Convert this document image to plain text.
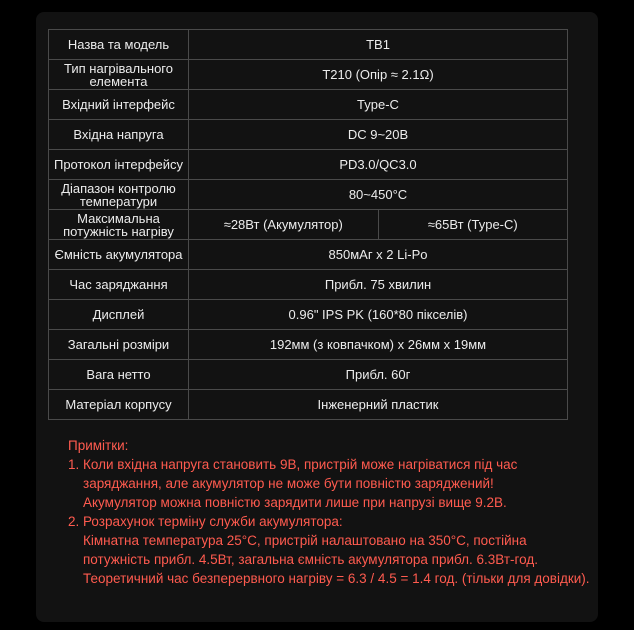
Назва та модель	TB1	
Тип нагрівального елемента	T210 (Опір ≈ 2.1Ω)	
Вхідний інтерфейс	Type-C	
Вхідна напруга	DC 9~20В	
Протокол інтерфейсу	PD3.0/QC3.0	
Діапазон контролю температури	80~450°C	
Максимальна потужність нагріву	≈28Вт (Акумулятор)	≈65Вт (Type-C)
Ємність акумулятора	850мАг x 2 Li-Po	
Час заряджання	Прибл. 75 хвилин	
Дисплей	0.96" IPS PK (160*80 пікселів)	
Загальні розміри	192мм (з ковпачком) x 26мм x 19мм	
Вага нетто	Прибл. 60г	
Матеріал корпусу	Інженерний пластик	
Примітки:
1. Коли вхідна напруга становить 9В, пристрій може нагріватися під час
заряджання, але акумулятор не може бути повністю заряджений!
Акумулятор можна повністю зарядити лише при напрузі вище 9.2В.
2. Розрахунок терміну служби акумулятора:
Кімнатна температура 25°C, пристрій налаштовано на 350°C, постійна
потужність прибл. 4.5Вт, загальна ємність акумулятора прибл. 6.3Вт-год.
Теоретичний час безперервного нагріву = 6.3 / 4.5 = 1.4 год. (тільки для довідки).
